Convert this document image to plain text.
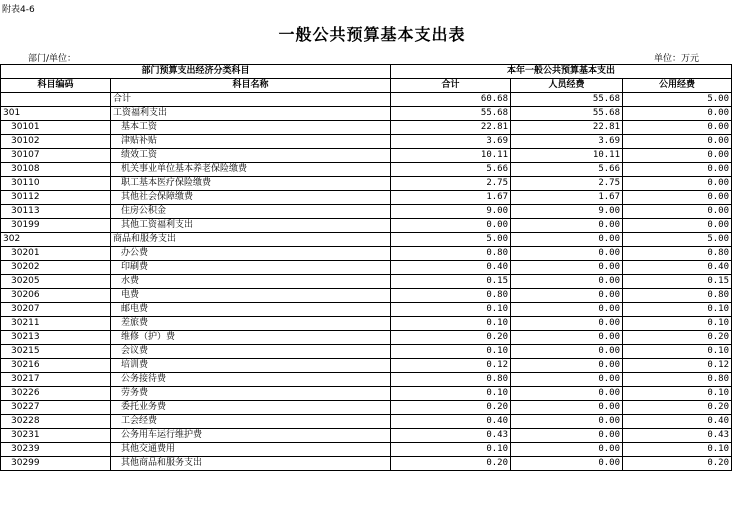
附表4-6
一般公共预算基本支出表
部门/单位：	单位：万元
部门预算支出经济分类科目		本年一般公共预算基本支出		
科目编码	科目名称	合计	人员经费	公用经费
	合计	60.68	55.68	5.00
301	工资福利支出	55.68	55.68	0.00
30101	基本工资	22.81	22.81	0.00
30102	津贴补贴	3.69	3.69	0.00
30107	绩效工资	10.11	10.11	0.00
30108	机关事业单位基本养老保险缴费	5.66	5.66	0.00
30110	职工基本医疗保险缴费	2.75	2.75	0.00
30112	其他社会保障缴费	1.67	1.67	0.00
30113	住房公积金	9.00	9.00	0.00
30199	其他工资福利支出	0.00	0.00	0.00
302	商品和服务支出	5.00	0.00	5.00
30201	办公费	0.80	0.00	0.80
30202	印刷费	0.40	0.00	0.40
30205	水费	0.15	0.00	0.15
30206	电费	0.80	0.00	0.80
30207	邮电费	0.10	0.00	0.10
30211	差旅费	0.10	0.00	0.10
30213	维修（护）费	0.20	0.00	0.20
30215	会议费	0.10	0.00	0.10
30216	培训费	0.12	0.00	0.12
30217	公务接待费	0.80	0.00	0.80
30226	劳务费	0.10	0.00	0.10
30227	委托业务费	0.20	0.00	0.20
30228	工会经费	0.40	0.00	0.40
30231	公务用车运行维护费	0.43	0.00	0.43
30239	其他交通费用	0.10	0.00	0.10
30299	其他商品和服务支出	0.20	0.00	0.20
